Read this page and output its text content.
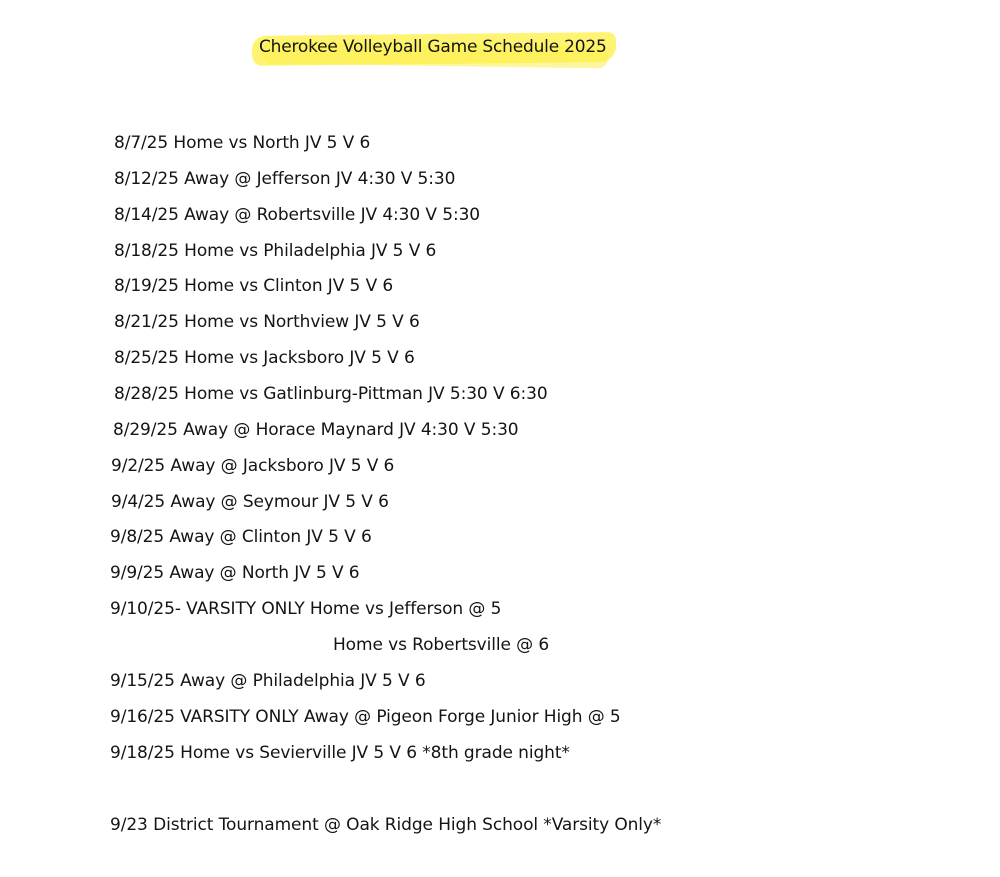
Cherokee Volleyball Game Schedule 2025
8/7/25 Home vs North JV 5 V 6
8/12/25 Away @ Jefferson JV 4:30 V 5:30
8/14/25 Away @ Robertsville JV 4:30 V 5:30
8/18/25 Home vs Philadelphia JV 5 V 6
8/19/25 Home vs Clinton JV 5 V 6
8/21/25 Home vs Northview JV 5 V 6
8/25/25 Home vs Jacksboro JV 5 V 6
8/28/25 Home vs Gatlinburg-Pittman JV 5:30 V 6:30
8/29/25 Away @ Horace Maynard JV 4:30 V 5:30
9/2/25 Away @ Jacksboro JV 5 V 6
9/4/25 Away @ Seymour JV 5 V 6
9/8/25 Away @ Clinton JV 5 V 6
9/9/25 Away @ North JV 5 V 6
9/10/25- VARSITY ONLY Home vs Jefferson @ 5
Home vs Robertsville @ 6
9/15/25 Away @ Philadelphia JV 5 V 6
9/16/25 VARSITY ONLY Away @ Pigeon Forge Junior High @ 5
9/18/25 Home vs Sevierville JV 5 V 6 *8th grade night*
9/23 District Tournament @ Oak Ridge High School *Varsity Only*
